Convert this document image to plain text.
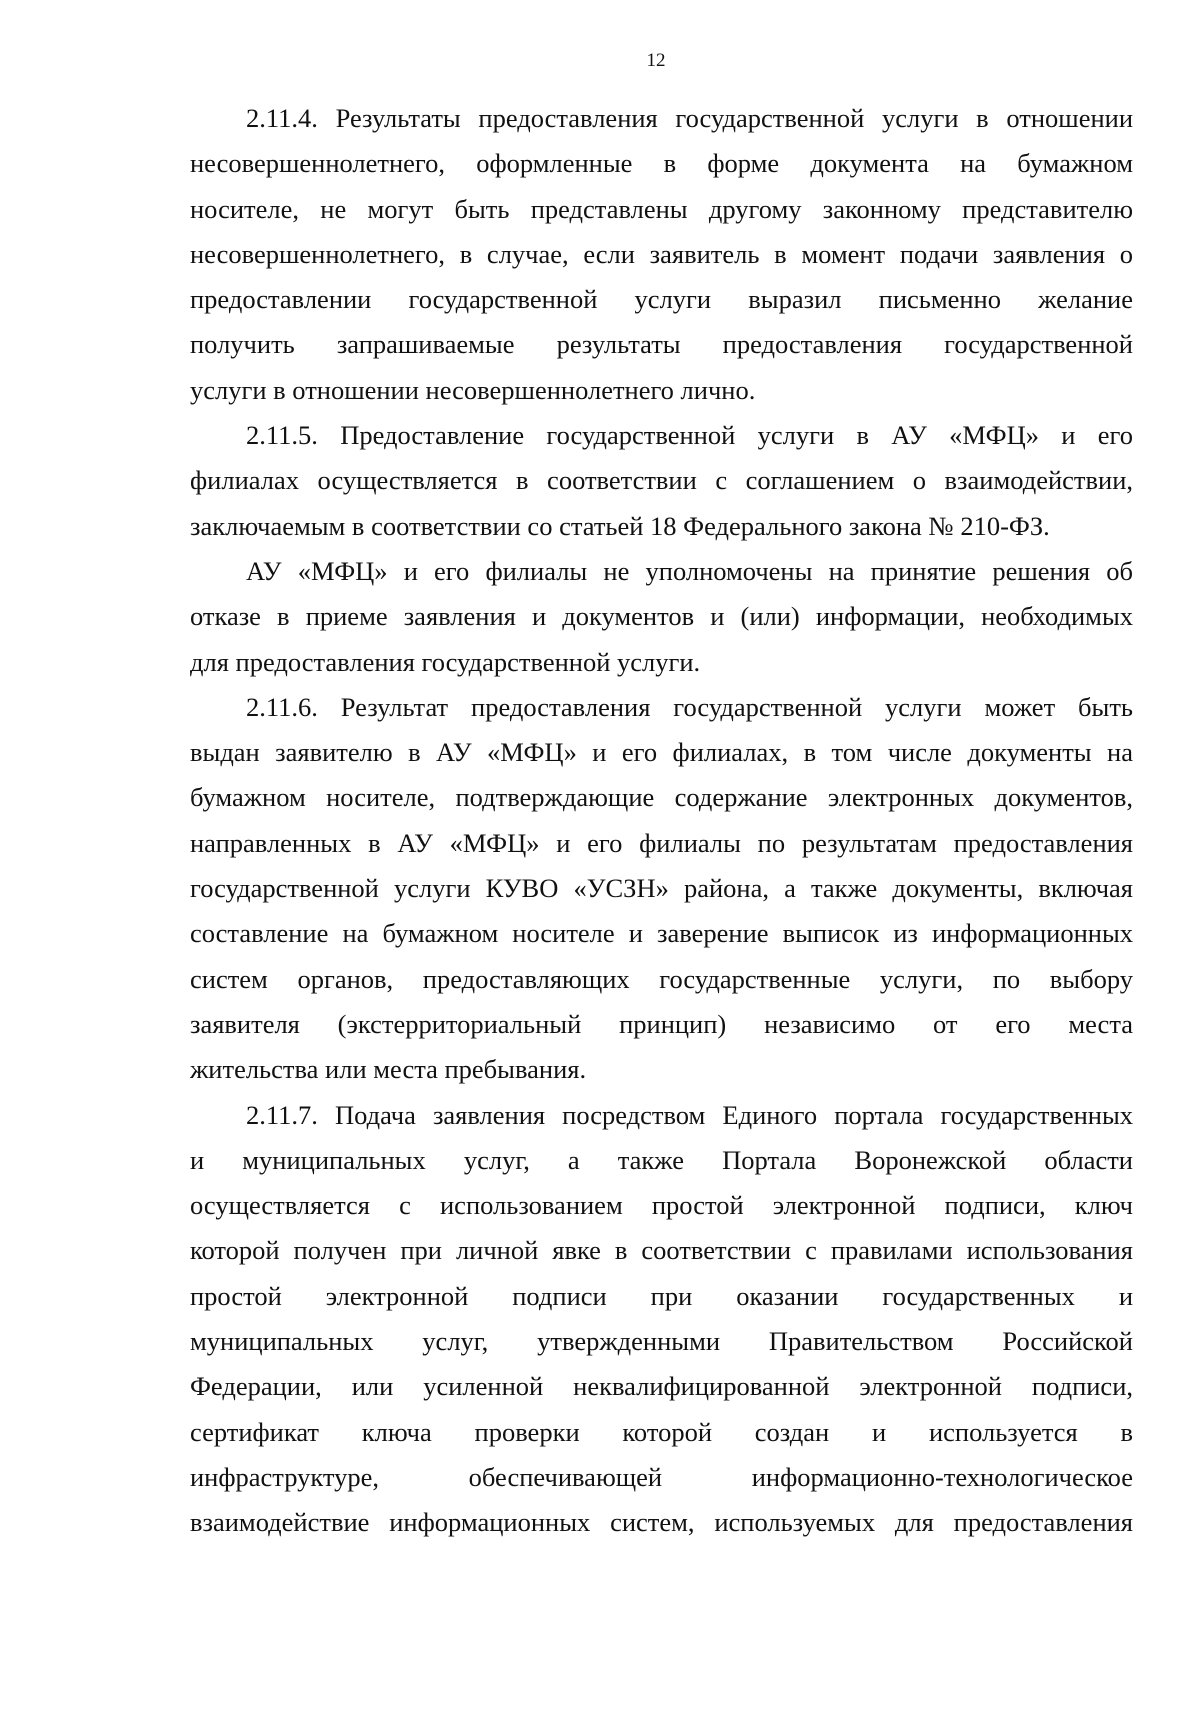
12
2.11.4. Результаты предоставления государственной услуги в отношении
несовершеннолетнего, оформленные в форме документа на бумажном
носителе, не могут быть представлены другому законному представителю
несовершеннолетнего, в случае, если заявитель в момент подачи заявления о
предоставлении государственной услуги выразил письменно желание
получить запрашиваемые результаты предоставления государственной
услуги в отношении несовершеннолетнего лично.
2.11.5. Предоставление государственной услуги в АУ «МФЦ» и его
филиалах осуществляется в соответствии с соглашением о взаимодействии,
заключаемым в соответствии со статьей 18 Федерального закона № 210-ФЗ.
АУ «МФЦ» и его филиалы не уполномочены на принятие решения об
отказе в приеме заявления и документов и (или) информации, необходимых
для предоставления государственной услуги.
2.11.6. Результат предоставления государственной услуги может быть
выдан заявителю в АУ «МФЦ» и его филиалах, в том числе документы на
бумажном носителе, подтверждающие содержание электронных документов,
направленных в АУ «МФЦ» и его филиалы по результатам предоставления
государственной услуги КУВО «УСЗН» района, а также документы, включая
составление на бумажном носителе и заверение выписок из информационных
систем органов, предоставляющих государственные услуги, по выбору
заявителя (экстерриториальный принцип) независимо от его места
жительства или места пребывания.
2.11.7. Подача заявления посредством Единого портала государственных
и муниципальных услуг, а также Портала Воронежской области
осуществляется с использованием простой электронной подписи, ключ
которой получен при личной явке в соответствии с правилами использования
простой электронной подписи при оказании государственных и
муниципальных услуг, утвержденными Правительством Российской
Федерации, или усиленной неквалифицированной электронной подписи,
сертификат ключа проверки которой создан и используется в
инфраструктуре, обеспечивающей информационно-технологическое
взаимодействие информационных систем, используемых для предоставления
